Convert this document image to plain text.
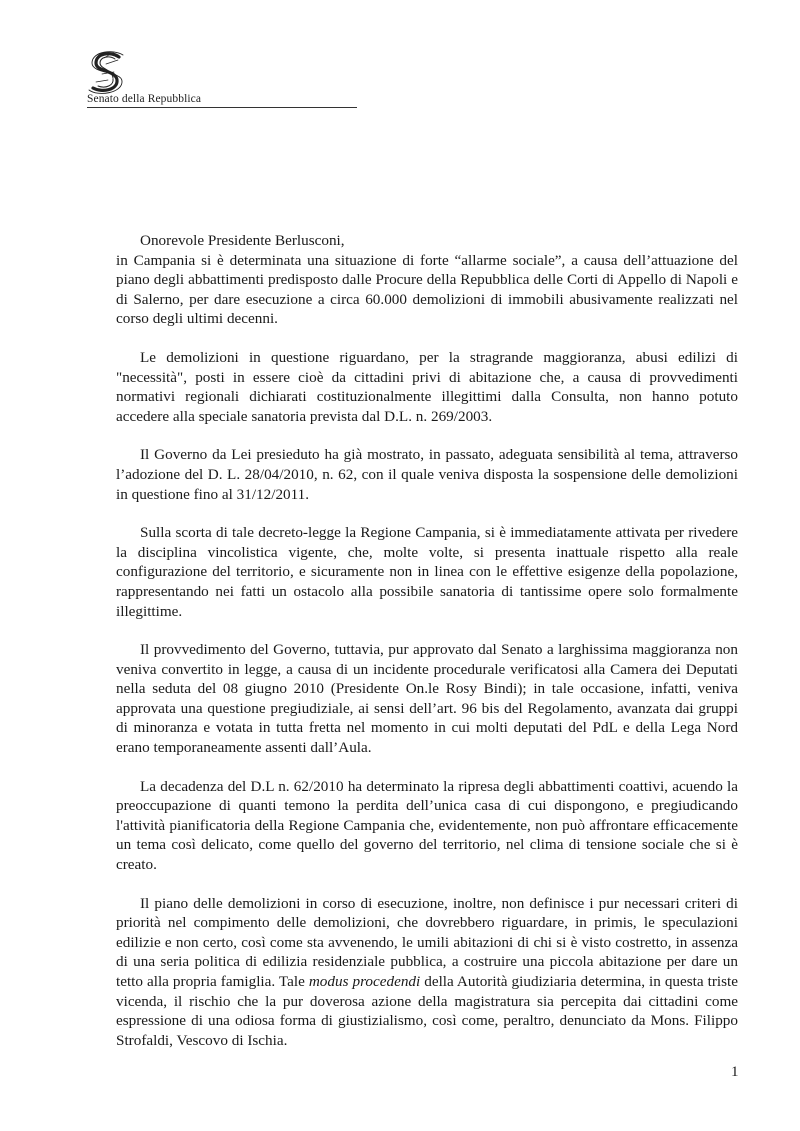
Senato della Repubblica

Onorevole Presidente Berlusconi,

in Campania si è determinata una situazione di forte “allarme sociale”, a causa dell’attuazione del piano degli abbattimenti predisposto dalle Procure della Repubblica delle Corti di Appello di Napoli e di Salerno, per dare esecuzione a circa 60.000 demolizioni di immobili abusivamente realizzati nel corso degli ultimi decenni.

Le demolizioni in questione riguardano, per la stragrande maggioranza, abusi edilizi di "necessità", posti in essere cioè da cittadini privi di abitazione che, a causa di provvedimenti normativi regionali dichiarati costituzionalmente illegittimi dalla Consulta, non hanno potuto accedere alla speciale sanatoria prevista dal D.L. n. 269/2003.

Il Governo da Lei presieduto ha già mostrato, in passato, adeguata sensibilità al tema, attraverso l’adozione del D. L. 28/04/2010, n. 62, con il quale veniva disposta la sospensione delle demolizioni in questione fino al 31/12/2011.

Sulla scorta di tale decreto-legge la Regione Campania, si è immediatamente attivata per rivedere la disciplina vincolistica vigente, che, molte volte, si presenta inattuale rispetto alla reale configurazione del territorio, e sicuramente non in linea con le effettive esigenze della popolazione, rappresentando nei fatti un ostacolo alla possibile sanatoria di tantissime opere solo formalmente illegittime.

Il provvedimento del Governo, tuttavia, pur approvato dal Senato a larghissima maggioranza non veniva convertito in legge, a causa di un incidente procedurale verificatosi alla Camera dei Deputati nella seduta del 08 giugno 2010 (Presidente On.le Rosy Bindi); in tale occasione, infatti, veniva approvata una questione pregiudiziale, ai sensi dell’art. 96 bis del Regolamento, avanzata dai gruppi di minoranza e votata in tutta fretta nel momento in cui molti deputati del PdL e della Lega Nord erano temporaneamente assenti dall’Aula.

La decadenza del D.L n. 62/2010 ha determinato la ripresa degli abbattimenti coattivi, acuendo la preoccupazione di quanti temono la perdita dell’unica casa di cui dispongono, e pregiudicando l'attività pianificatoria della Regione Campania che, evidentemente, non può affrontare efficacemente un tema così delicato, come quello del governo del territorio, nel clima di tensione sociale che si è creato.

Il piano delle demolizioni in corso di esecuzione, inoltre, non definisce i pur necessari criteri di priorità nel compimento delle demolizioni, che dovrebbero riguardare, in primis, le speculazioni edilizie e non certo, così come sta avvenendo, le umili abitazioni di chi si è visto costretto, in assenza di una seria politica di edilizia residenziale pubblica, a costruire una piccola abitazione per darе un tetto alla propria famiglia. Tale modus procedendi della Autorità giudiziaria determina, in questa triste vicenda, il rischio che la pur doverosa azione della magistratura sia percepita dai cittadini come espressione di una odiosa forma di giustizialismo, così come, peraltro, denunciato da Mons. Filippo Strofaldi, Vescovo di Ischia.

1
